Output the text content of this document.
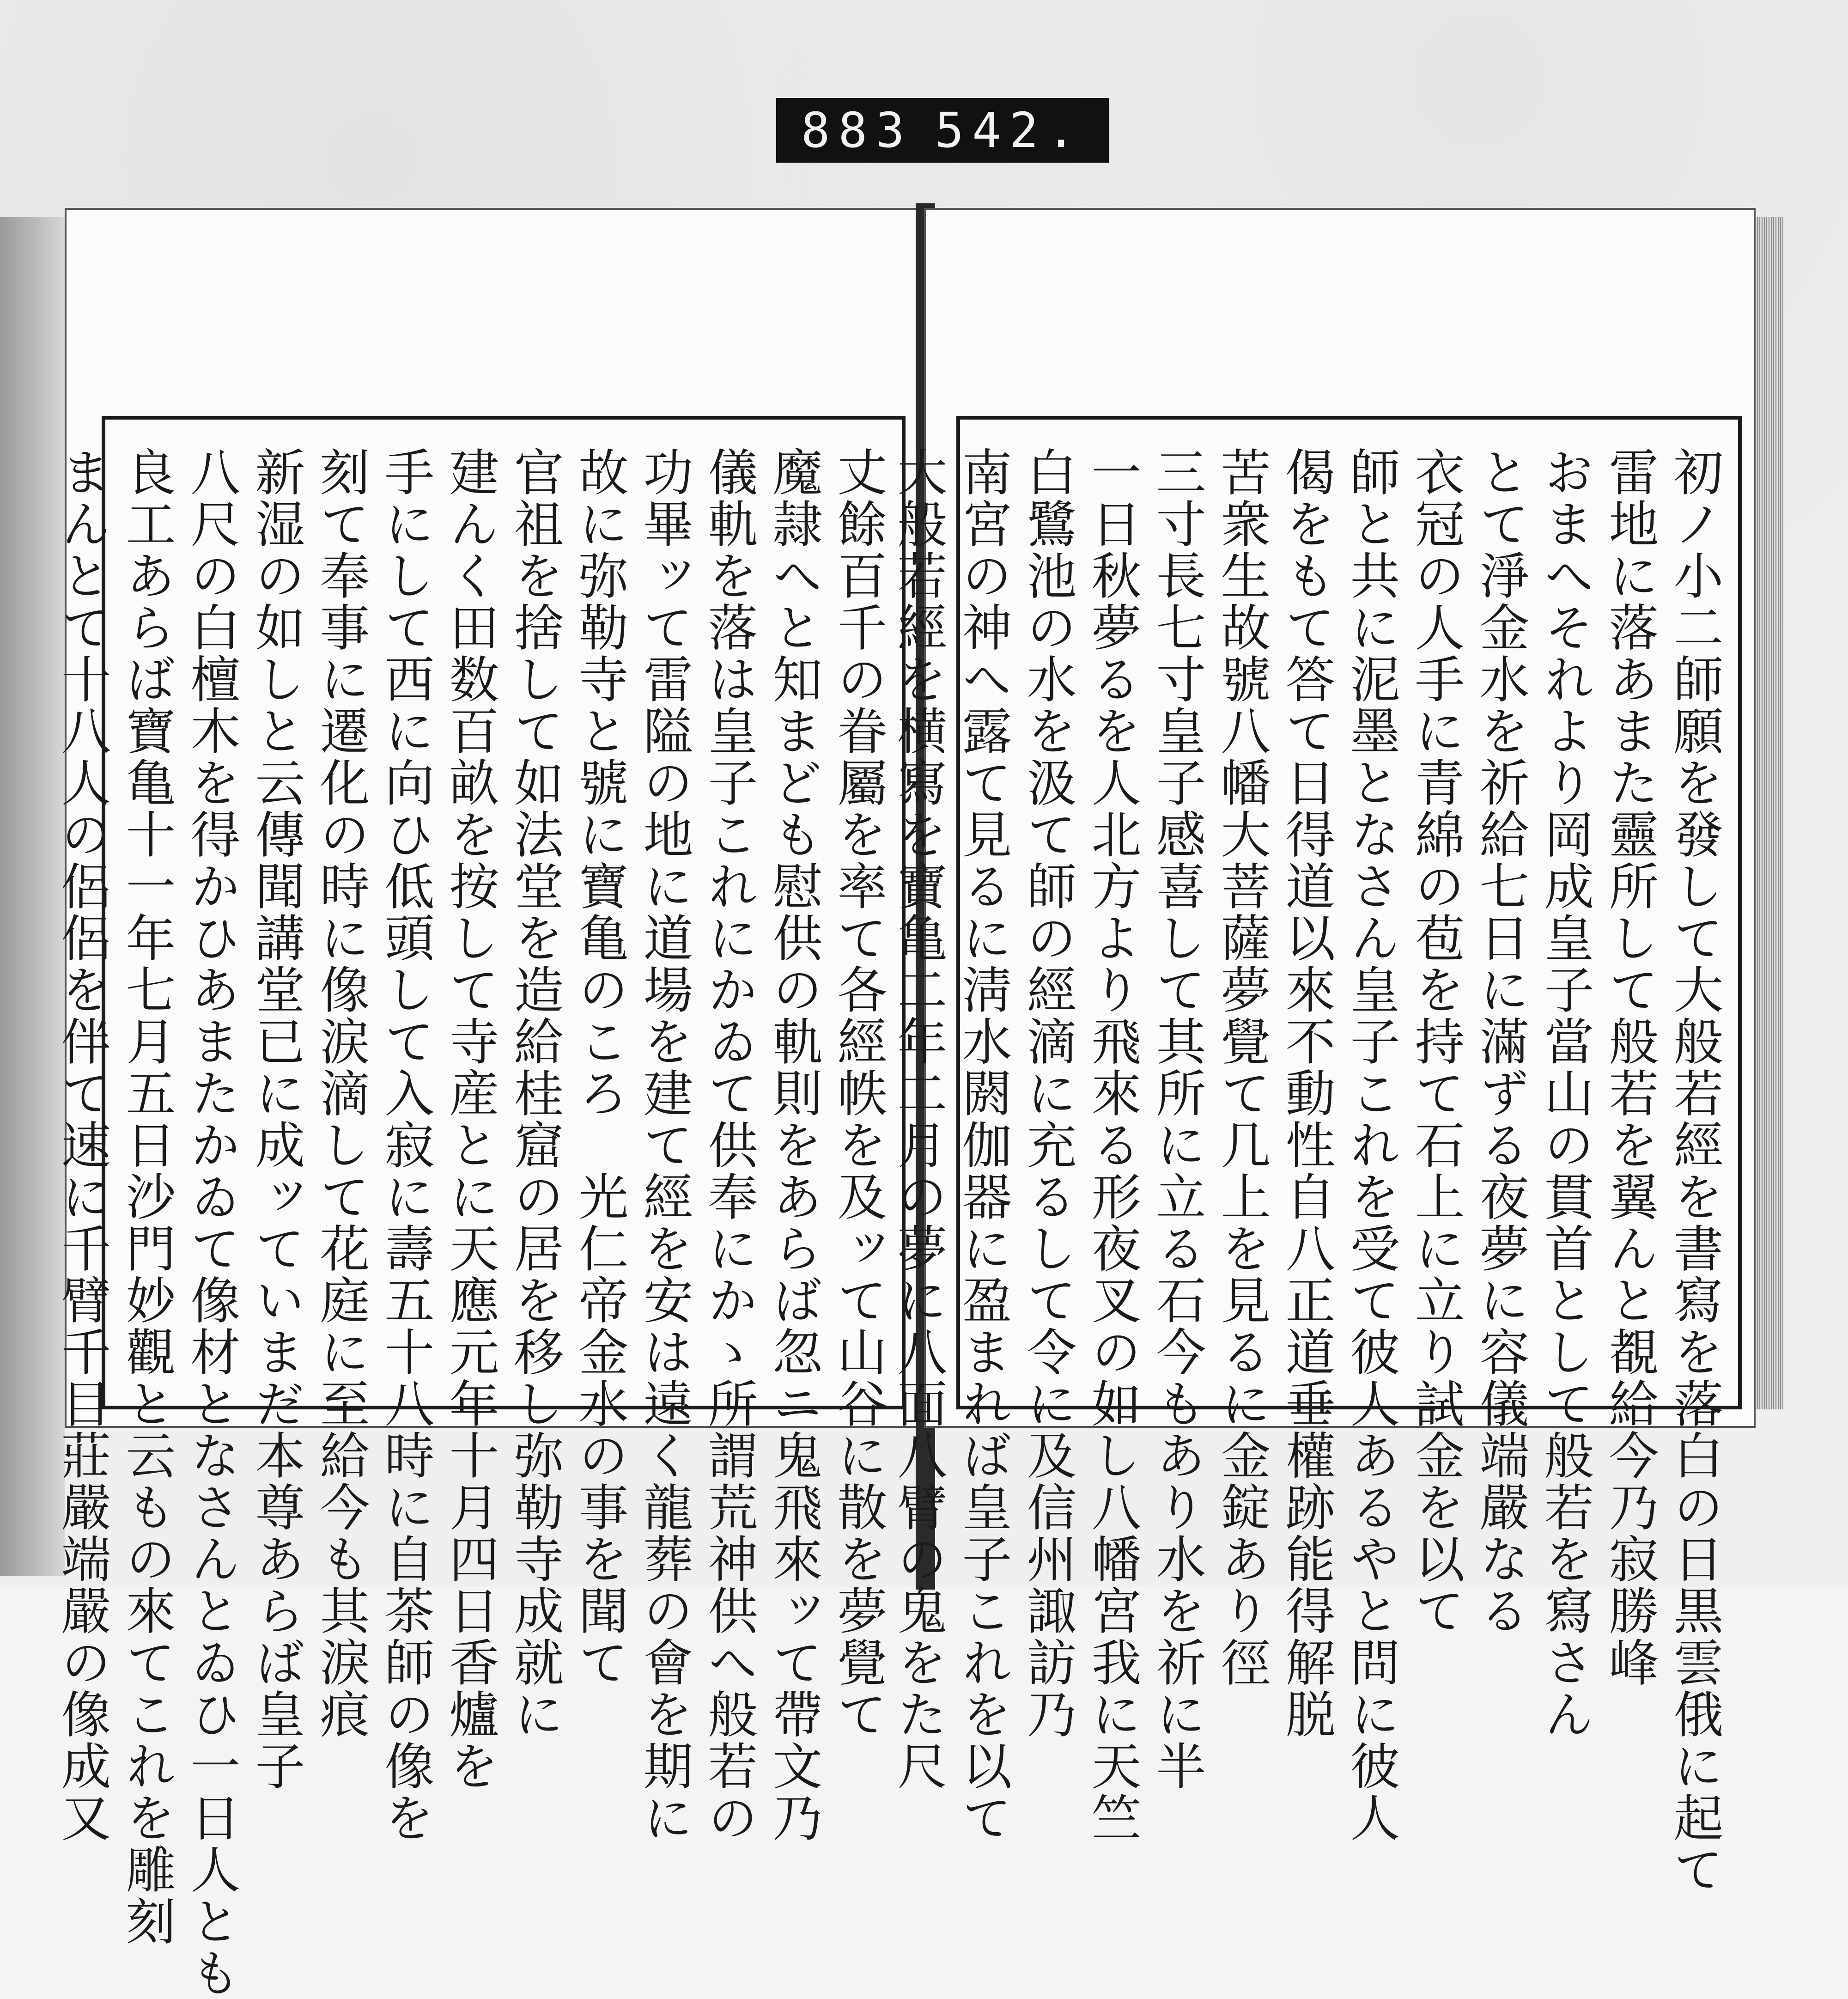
883 542.
丈餘百千の眷屬を率て各經帙を及ッて山谷に散を夢覺て
魔隷へと知まども慰供の軌則をあらば忽ニ鬼飛來ッて帶文乃
儀軌を落は皇子これにかゐて供奉にかゝ所謂荒神供へ般若の
功畢ッて雷隘の地に道場を建て經を安は遠く龍葬の會を期に
故に弥勒寺と號に寶亀のころ　光仁帝金水の事を聞て
官祖を捨して如法堂を造給桂窟の居を移し弥勒寺成就に
建んく田数百畝を按して寺産とに天應元年十月四日香爐を
手にして西に向ひ低頭して入寂に壽五十八時に自茶師の像を
刻て奉事に遷化の時に像涙滴して花庭に至給今も其淚痕
新湿の如しと云傳聞講堂已に成ッていまだ本尊あらば皇子
八尺の白檀木を得かひあまたかゐて像材となさんとゐひ一日人とも
良工あらば寶亀十一年七月五日沙門妙觀と云もの來てこれを雕刻
まんとて十八人の侶侶を伴て速に千臂千目莊嚴端嚴の像成又	初ノ小二師願を發して大般若經を書寫を落白の日黒雲俄に起て
雷地に落あまた靈所して般若を翼んと覩給今乃寂勝峰
おまへそれより岡成皇子當山の貫首として般若を寫さん
とて淨金水を祈給七日に滿ずる夜夢に容儀端嚴なる
衣冠の人手に青綿の苞を持て石上に立り試金を以て
師と共に泥墨となさん皇子これを受て彼人あるやと問に彼人
偈をもて答て日得道以來不動性自八正道垂權跡能得解脱
苦衆生故號八幡大菩薩夢覺て几上を見るに金錠あり徑
三寸長七寸皇子感喜して其所に立る石今もあり水を祈に半
一日秋夢るを人北方より飛來る形夜叉の如し八幡宮我に天竺
白鷺池の水を汲て師の經滴に充るして令に及信州諏訪乃
南宮の神へ露て見るに淸水閼伽器に盈まれば皇子これを以て
大般若經を横寫を寶亀二年二月の夢に八面八臂の鬼をた尺
